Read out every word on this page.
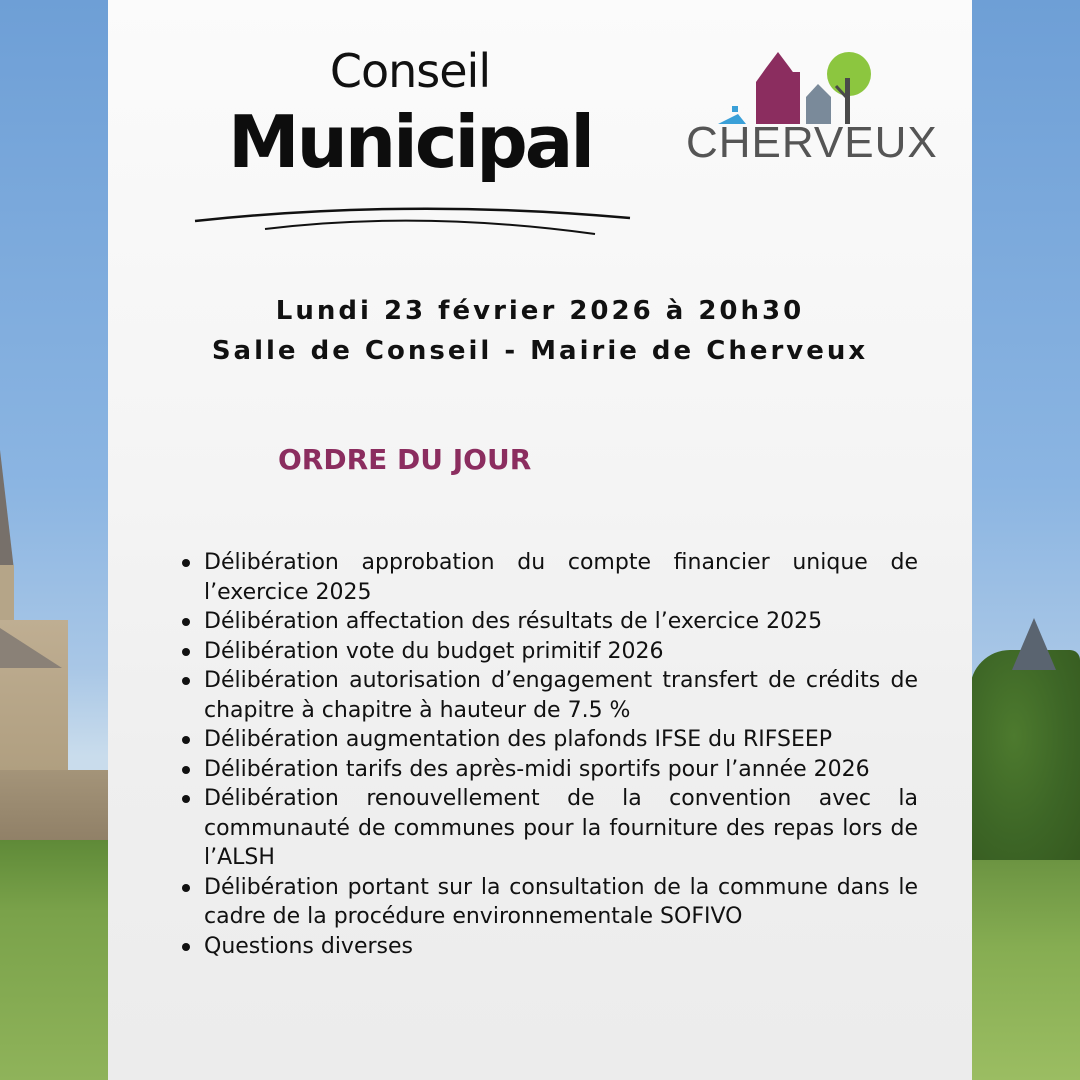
Conseil
Municipal	CHERVEUX
Lundi 23 février 2026 à 20h30
Salle de Conseil - Mairie de Cherveux
ORDRE DU JOUR
Délibération approbation du compte financier unique de l’exercice 2025
Délibération affectation des résultats de l’exercice 2025
Délibération vote du budget primitif 2026
Délibération autorisation d’engagement transfert de crédits de chapitre à chapitre à hauteur de 7.5 %
Délibération augmentation des plafonds IFSE du RIFSEEP
Délibération tarifs des après-midi sportifs pour l’année 2026
Délibération renouvellement de la convention avec la communauté de communes pour la fourniture des repas lors de l’ALSH
Délibération portant sur la consultation de la commune dans le cadre de la procédure environnementale SOFIVO
Questions diverses
